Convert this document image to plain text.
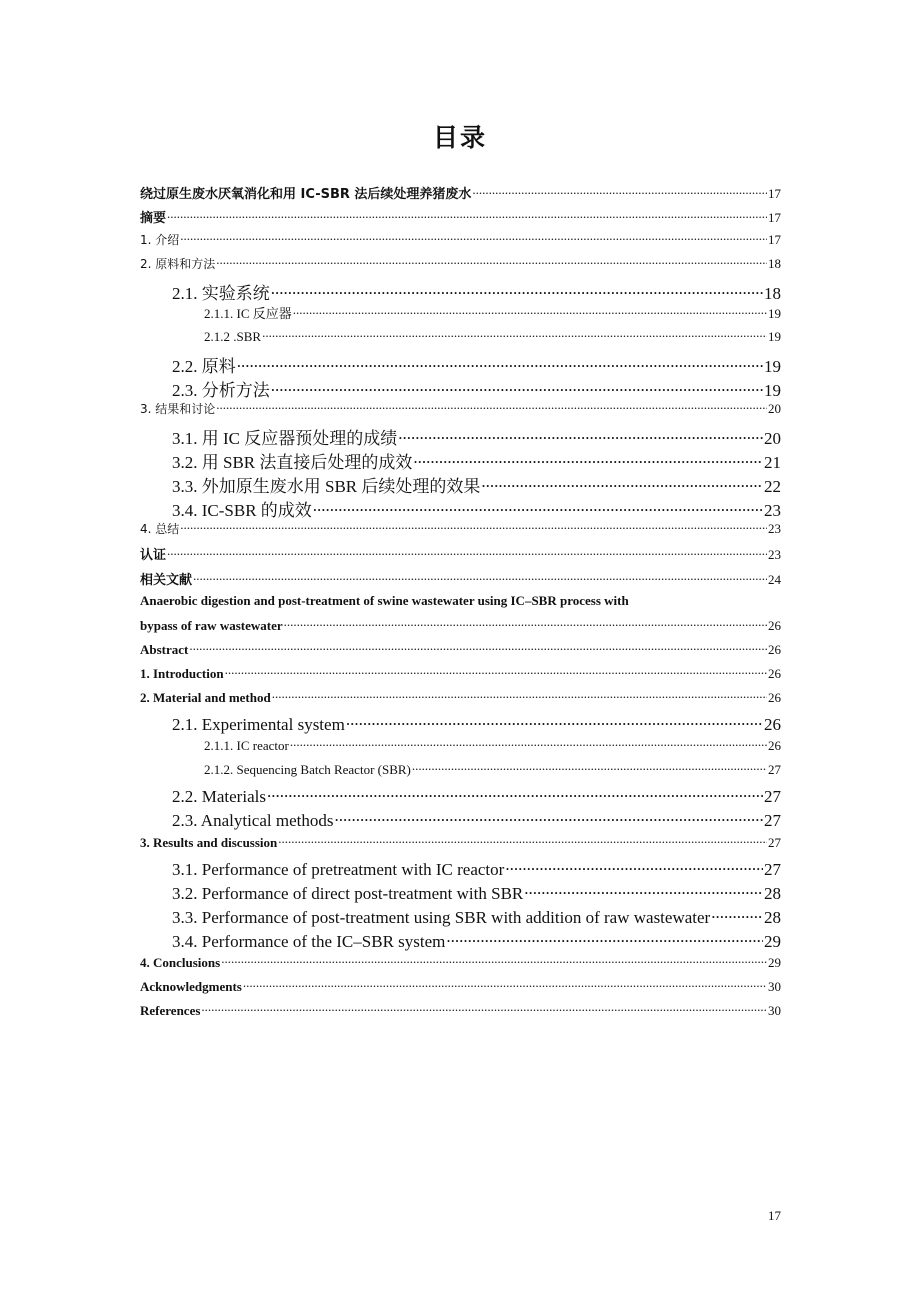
目录
绕过原生废水厌氧消化和用 IC-SBR 法后续处理养猪废水 .....	17
摘要 .....	17
1. 介绍 .....	17
2. 原料和方法 .....	18
2.1. 实验系统 .....	18
2.1.1. IC 反应器 .....	19
2.1.2 .SBR .....	19
2.2. 原料 .....	19
2.3. 分析方法 .....	19
3. 结果和讨论 .....	20
3.1. 用 IC 反应器预处理的成绩 .....	20
3.2. 用 SBR 法直接后处理的成效 .....	21
3.3. 外加原生废水用 SBR 后续处理的效果 .....	22
3.4. IC-SBR 的成效 .....	23
4. 总结 .....	23
认证 .....	23
相关文献 .....	24
Anaerobic digestion and post-treatment of swine wastewater using IC–SBR process with
bypass of raw wastewater .....	26
Abstract .....	26
1. Introduction .....	26
2. Material and method .....	26
2.1. Experimental system .....	26
2.1.1. IC reactor .....	26
2.1.2. Sequencing Batch Reactor (SBR) .....	27
2.2. Materials .....	27
2.3. Analytical methods .....	27
3. Results and discussion .....	27
3.1. Performance of pretreatment with IC reactor .....	27
3.2. Performance of direct post-treatment with SBR .....	28
3.3. Performance of post-treatment using SBR with addition of raw wastewater .....	28
3.4. Performance of the IC–SBR system .....	29
4. Conclusions .....	29
Acknowledgments .....	30
References .....	30
17
